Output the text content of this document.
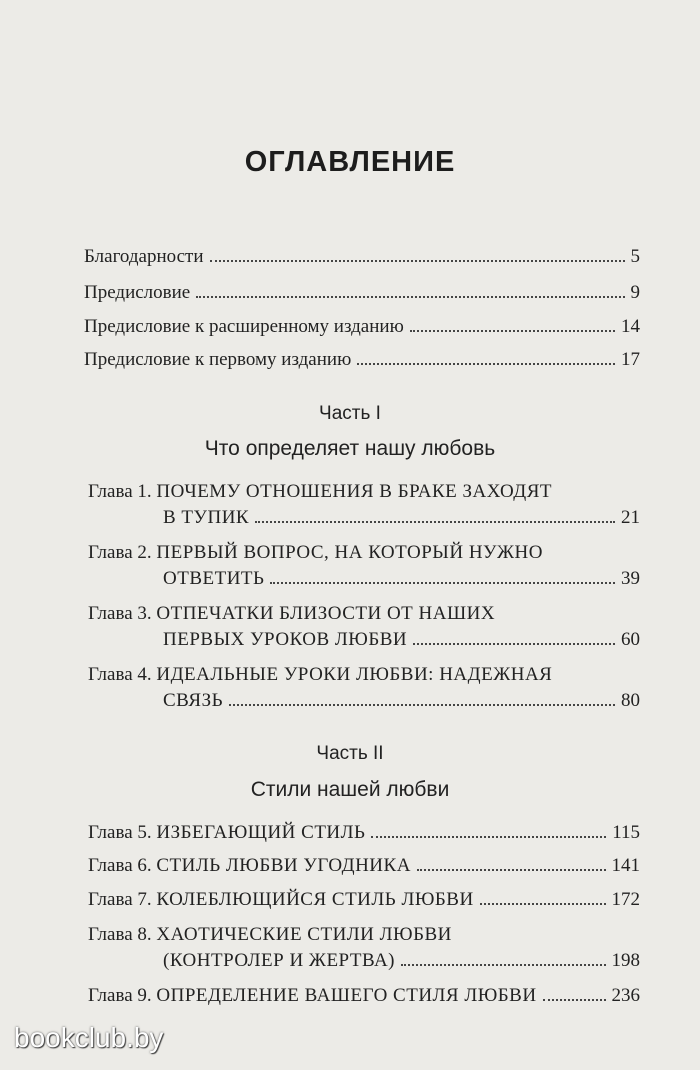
ОГЛАВЛЕНИЕ
Благодарности	5
Предисловие	9
Предисловие к расширенному изданию	14
Предисловие к первому изданию	17
Часть I
Что определяет нашу любовь
Глава 1.
ПОЧЕМУ ОТНОШЕНИЯ В БРАКЕ ЗАХОДЯТ
В ТУПИК	21
Глава 2.
ПЕРВЫЙ ВОПРОС, НА КОТОРЫЙ НУЖНО
ОТВЕТИТЬ	39
Глава 3.
ОТПЕЧАТКИ БЛИЗОСТИ ОТ НАШИХ
ПЕРВЫХ УРОКОВ ЛЮБВИ	60
Глава 4.
ИДЕАЛЬНЫЕ УРОКИ ЛЮБВИ: НАДЕЖНАЯ
СВЯЗЬ	80
Часть II
Стили нашей любви
Глава 5.
ИЗБЕГАЮЩИЙ СТИЛЬ	115
Глава 6.
СТИЛЬ ЛЮБВИ УГОДНИКА	141
Глава 7.
КОЛЕБЛЮЩИЙСЯ СТИЛЬ ЛЮБВИ	172
Глава 8.
ХАОТИЧЕСКИЕ СТИЛИ ЛЮБВИ
(КОНТРОЛЕР И ЖЕРТВА)	198
Глава 9.
ОПРЕДЕЛЕНИЕ ВАШЕГО СТИЛЯ ЛЮБВИ	236
bookclub.by
